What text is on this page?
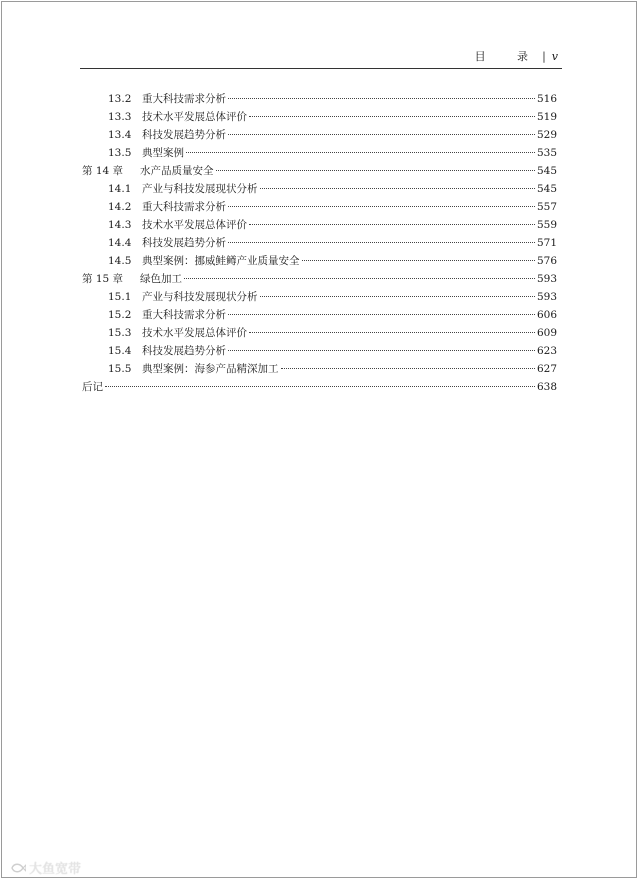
目 录 | v
13.2	重大科技需求分析	516
13.3	技术水平发展总体评价	519
13.4	科技发展趋势分析	529
13.5	典型案例	535
第 14 章	水产品质量安全	545
14.1	产业与科技发展现状分析	545
14.2	重大科技需求分析	557
14.3	技术水平发展总体评价	559
14.4	科技发展趋势分析	571
14.5	典型案例：挪威鲑鳟产业质量安全	576
第 15 章	绿色加工	593
15.1	产业与科技发展现状分析	593
15.2	重大科技需求分析	606
15.3	技术水平发展总体评价	609
15.4	科技发展趋势分析	623
15.5	典型案例：海参产品精深加工	627
后记	638
大鱼宽带
